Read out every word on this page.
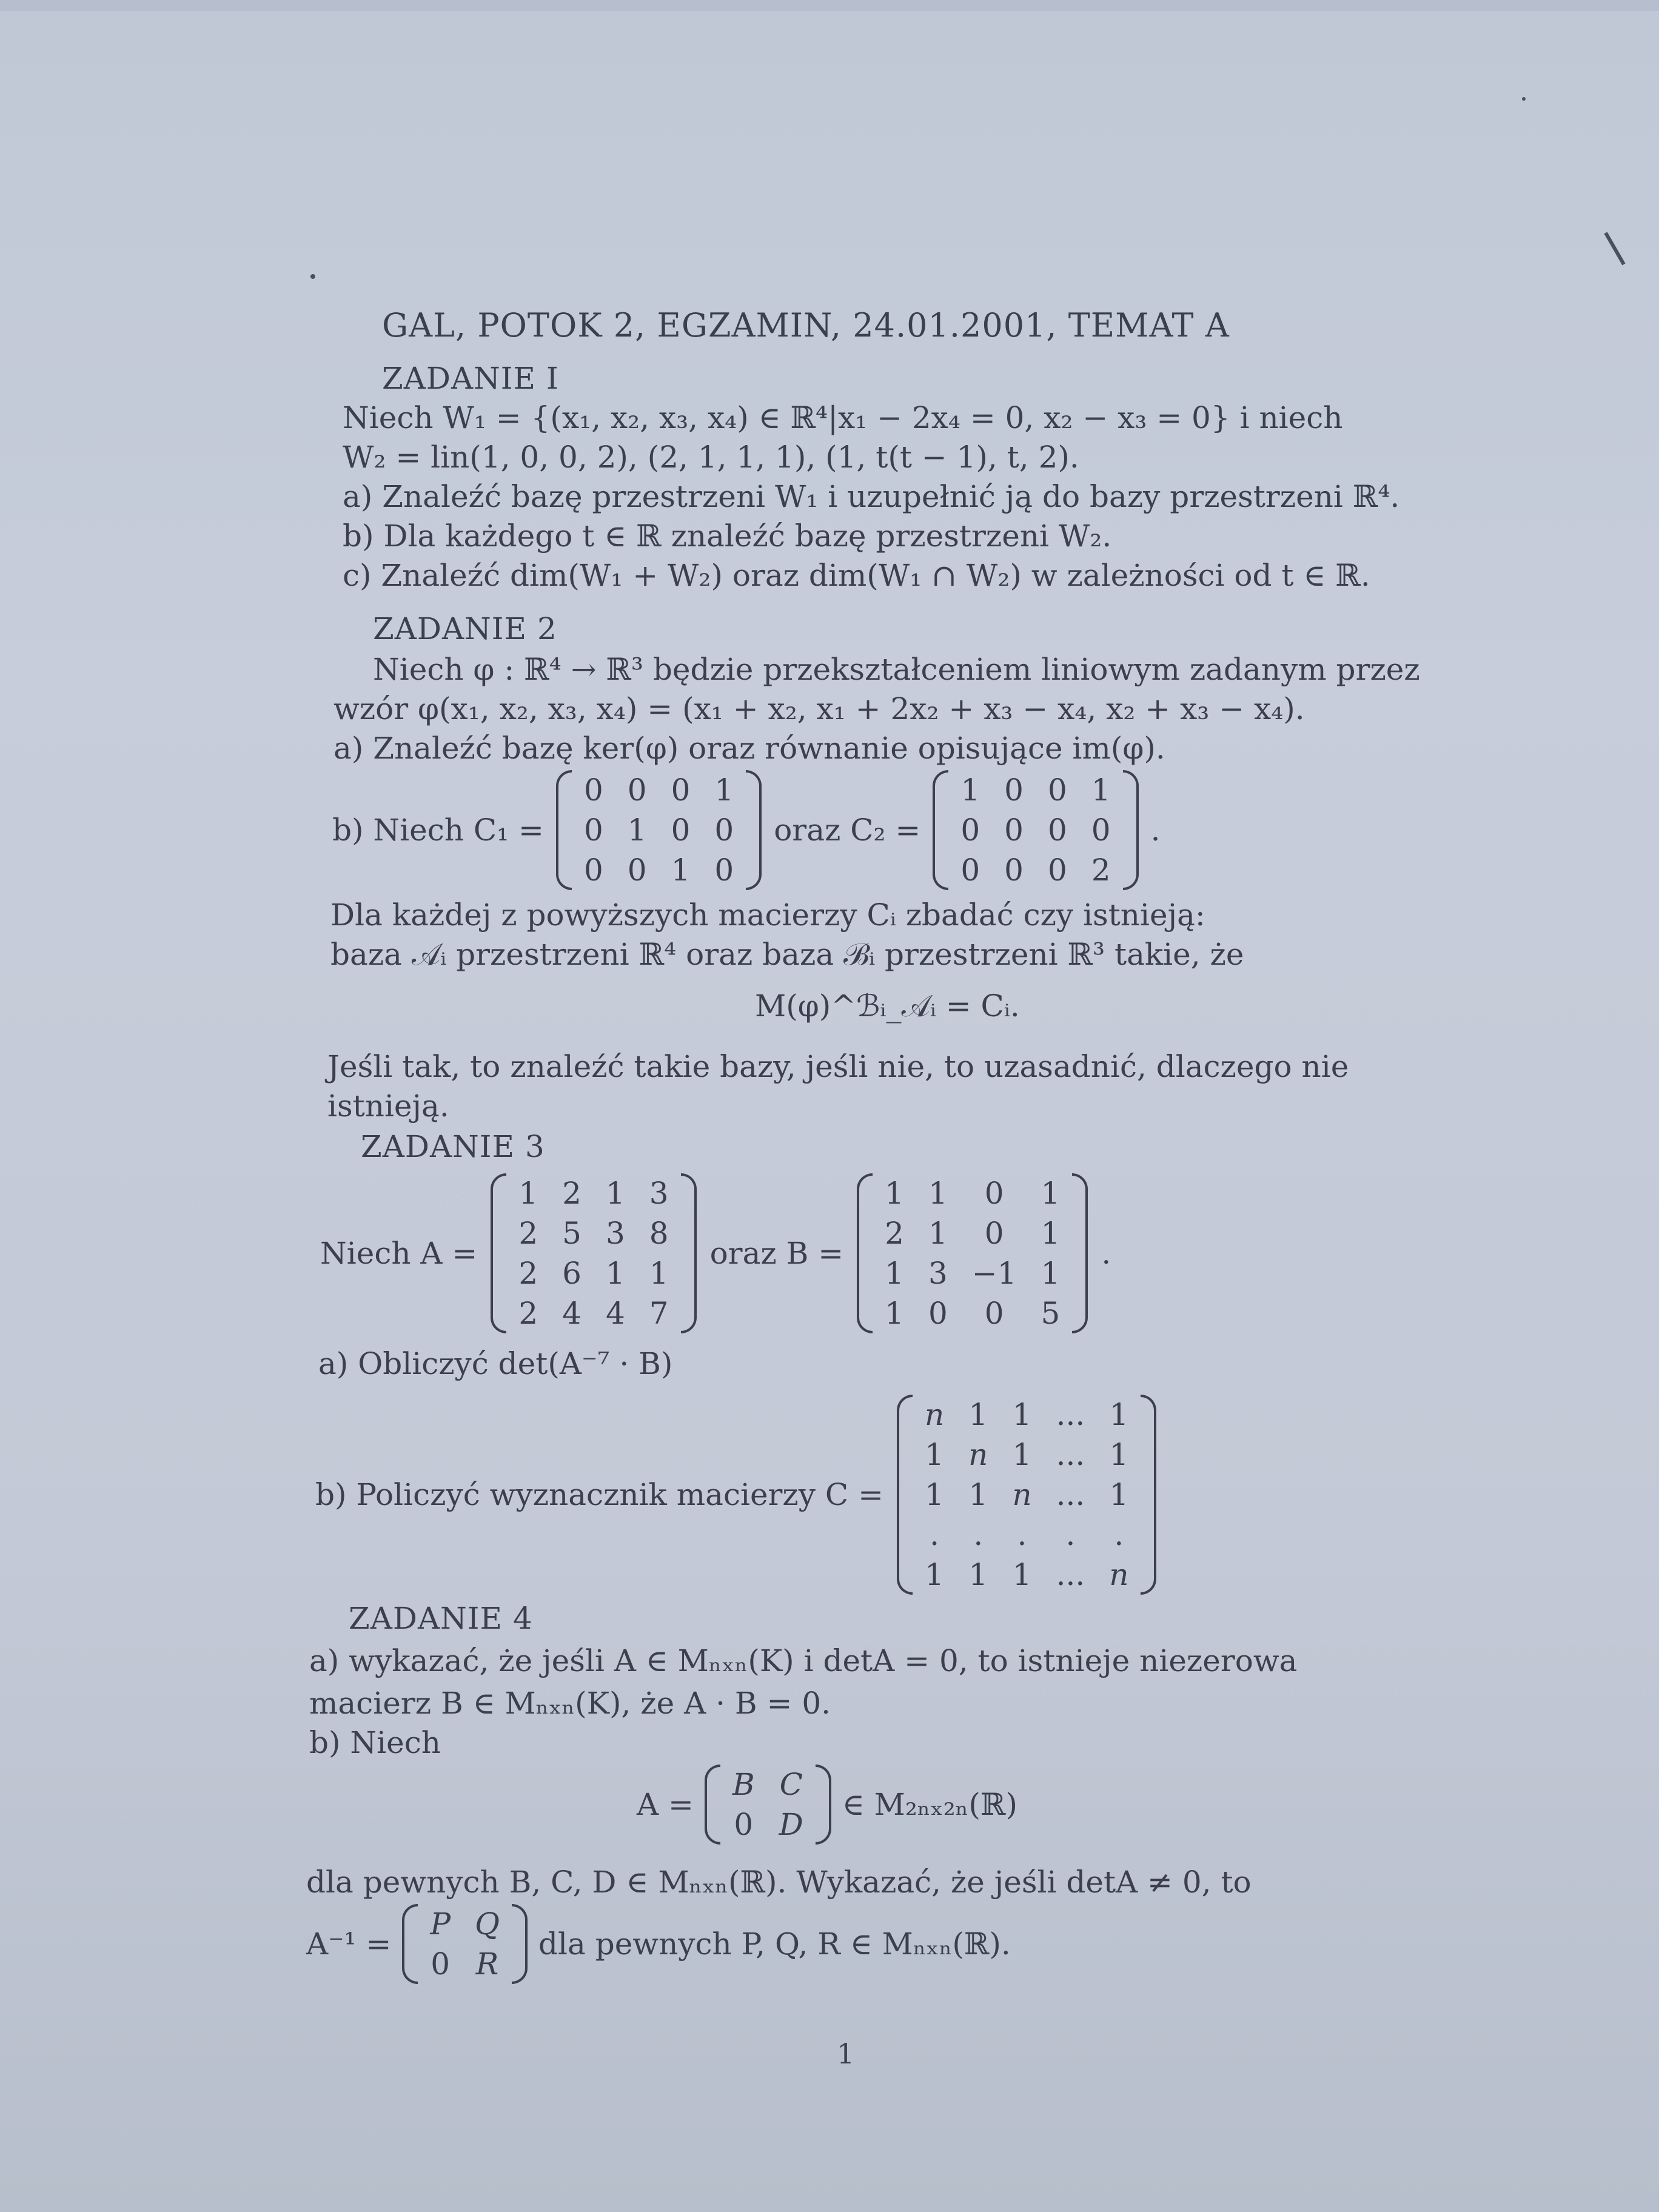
GAL, POTOK 2, EGZAMIN, 24.01.2001, TEMAT A
ZADANIE I
Niech W₁ = {(x₁, x₂, x₃, x₄) ∈ ℝ⁴|x₁ − 2x₄ = 0, x₂ − x₃ = 0} i niech
W₂ = lin(1, 0, 0, 2), (2, 1, 1, 1), (1, t(t − 1), t, 2).
a) Znaleźć bazę przestrzeni W₁ i uzupełnić ją do bazy przestrzeni ℝ⁴.
b) Dla każdego t ∈ ℝ znaleźć bazę przestrzeni W₂.
c) Znaleźć dim(W₁ + W₂) oraz dim(W₁ ∩ W₂) w zależności od t ∈ ℝ.
ZADANIE 2
Niech φ : ℝ⁴ → ℝ³ będzie przekształceniem liniowym zadanym przez
wzór φ(x₁, x₂, x₃, x₄) = (x₁ + x₂, x₁ + 2x₂ + x₃ − x₄, x₂ + x₃ − x₄).
a) Znaleźć bazę ker(φ) oraz równanie opisujące im(φ).
b) Niech C₁ =
0	0	0	1
0	1	0	0
0	0	1	0
oraz C₂ =
1	0	0	1
0	0	0	0
0	0	0	2
.
Dla każdej z powyższych macierzy Cᵢ zbadać czy istnieją:
baza 𝒜ᵢ przestrzeni ℝ⁴ oraz baza ℬᵢ przestrzeni ℝ³ takie, że
M(φ)^ℬᵢ_𝒜ᵢ = Cᵢ.
Jeśli tak, to znaleźć takie bazy, jeśli nie, to uzasadnić, dlaczego nie
istnieją.
ZADANIE 3
Niech A =
1	2	1	3
2	5	3	8
2	6	1	1
2	4	4	7
oraz B =
1	1	0	1
2	1	0	1
1	3	−1	1
1	0	0	5
.
a) Obliczyć det(A⁻⁷ · B)
b) Policzyć wyznacznik macierzy C =
n	1	1	...	1
1	n	1	...	1
1	1	n	...	1
.	.	.	.	.
1	1	1	...	n
ZADANIE 4
a) wykazać, że jeśli A ∈ Mₙₓₙ(K) i detA = 0, to istnieje niezerowa
macierz B ∈ Mₙₓₙ(K), że A · B = 0.
b) Niech
A =
B	C
0	D
∈ M₂ₙₓ₂ₙ(ℝ)
dla pewnych B, C, D ∈ Mₙₓₙ(ℝ). Wykazać, że jeśli detA ≠ 0, to
A⁻¹ =
P	Q
0	R
dla pewnych P, Q, R ∈ Mₙₓₙ(ℝ).
1
